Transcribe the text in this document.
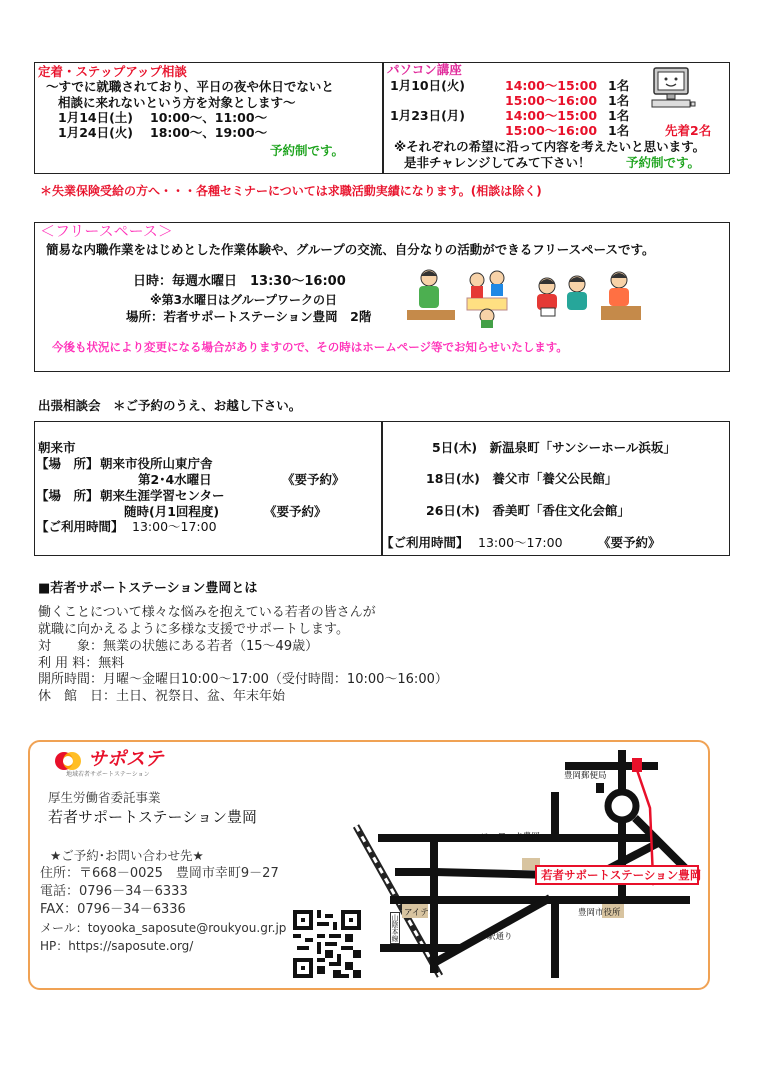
定着・ステップアップ相談
～すでに就職されており、平日の夜や休日でないと
相談に来れないという方を対象とします～
1月14日(土) 10:00～、11:00～
1月24日(火) 18:00～、19:00～
予約制です。
パソコン講座
1月10日(火)	14:00～15:00 1名
15:00～16:00 1名
1月23日(月)	14:00～15:00 1名
15:00～16:00 1名	先着2名
※それぞれの希望に沿って内容を考えたいと思います。
是非チャレンジしてみて下さい！	予約制です。
＊失業保険受給の方へ・・・各種セミナーについては求職活動実績になります。(相談は除く)
＜フリースペース＞
簡易な内職作業をはじめとした作業体験や、グループの交流、自分なりの活動ができるフリースペースです。
日時：毎週水曜日　13:30～16:00
※第3水曜日はグループワークの日
場所：若者サポートステーション豊岡　2階
今後も状況により変更になる場合がありますので、その時はホームページ等でお知らせいたします。
出張相談会　＊ご予約のうえ、お越し下さい。
朝来市
【場　所】 朝来市役所山東庁舎
第2･4水曜日	《要予約》
【場　所】 朝来生涯学習センター
随時(月1回程度)	《要予約》
【ご利用時間】 13:00～17:00
5日(木)　新温泉町「サンシーホール浜坂」
18日(水)　養父市「養父公民館」
26日(木)　香美町「香住文化会館」
【ご利用時間】 13:00～17:00	《要予約》
■若者サポートステーション豊岡とは
働くことについて様々な悩みを抱えている若者の皆さんが
就職に向かえるように多様な支援でサポートします。
対　　象：無業の状態にある若者（15～49歳）
利 用 料：無料
開所時間：月曜～金曜日10:00～17:00（受付時間：10:00～16:00）
休　館　日：土日、祝祭日、盆、年末年始
サポステ
地域若者サポートステーション
厚生労働省委託事業
若者サポートステーション豊岡
★ご予約･お問い合わせ先★
住所：〒668－0025　豊岡市幸町9－27
電話：0796－34－6333
FAX：0796－34－6336
メール：toyooka_saposute@roukyou.gr.jp
HP：https://saposute.org/
豊岡郵便局
ハローワーク豊岡
若者サポートステーション豊岡
アイティ	豊岡市役所
駅通り
山陰本線
